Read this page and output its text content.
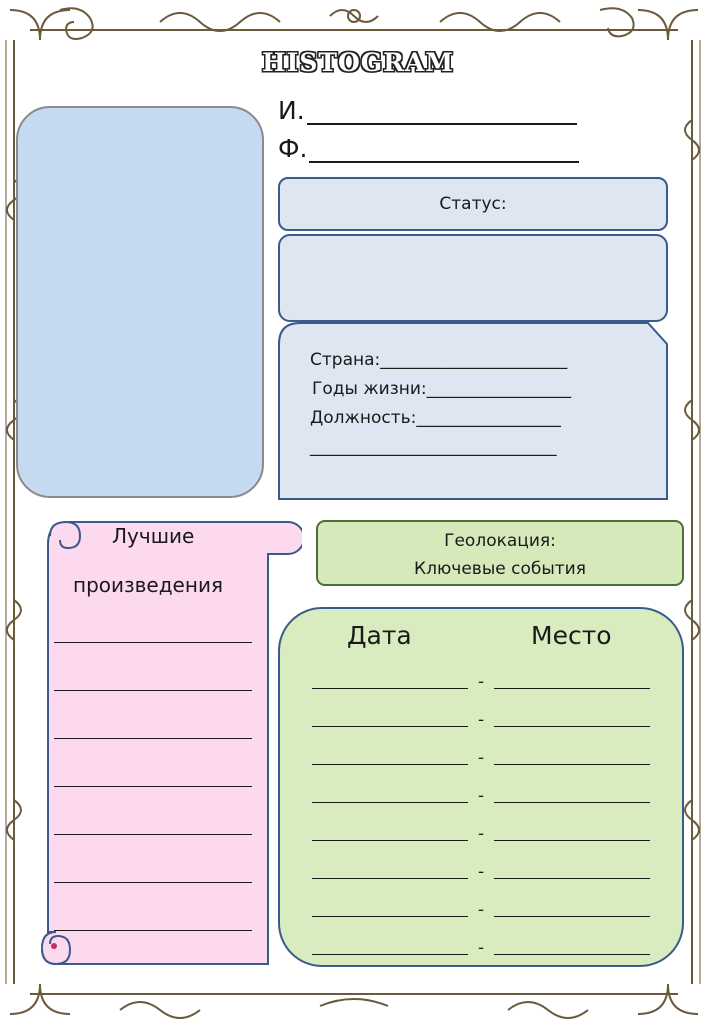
HISTOGRAM
И.
Ф.
Статус:
Страна:______________________
Годы жизни:_________________
Должность:_________________
_____________________________
Лучшие
произведения
Геолокация:
Ключевые события
Дата	Место
-
-
-
-
-
-
-
-
